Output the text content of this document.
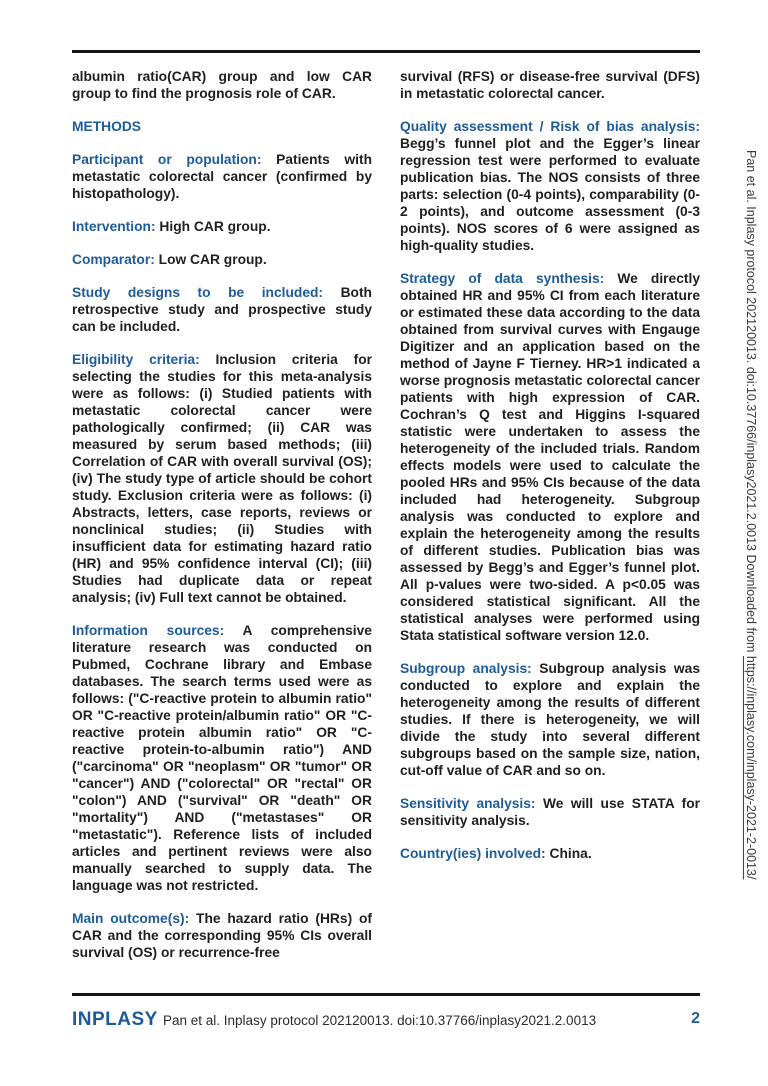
albumin ratio(CAR) group and low CAR group to find the prognosis role of CAR.

METHODS

Participant or population: Patients with metastatic colorectal cancer (confirmed by histopathology).

Intervention: High CAR group.

Comparator: Low CAR group.

Study designs to be included: Both retrospective study and prospective study can be included.

Eligibility criteria: Inclusion criteria for selecting the studies for this meta-analysis were as follows: (i) Studied patients with metastatic colorectal cancer were pathologically confirmed; (ii) CAR was measured by serum based methods; (iii) Correlation of CAR with overall survival (OS); (iv) The study type of article should be cohort study. Exclusion criteria were as follows: (i) Abstracts, letters, case reports, reviews or nonclinical studies; (ii) Studies with insufficient data for estimating hazard ratio (HR) and 95% confidence interval (CI); (iii) Studies had duplicate data or repeat analysis; (iv) Full text cannot be obtained.

Information sources: A comprehensive literature research was conducted on Pubmed, Cochrane library and Embase databases. The search terms used were as follows: ("C-reactive protein to albumin ratio" OR "C-reactive protein/albumin ratio" OR "C-reactive protein albumin ratio" OR "C-reactive protein-to-albumin ratio") AND ("carcinoma" OR "neoplasm" OR "tumor" OR "cancer") AND ("colorectal" OR "rectal" OR "colon") AND ("survival" OR "death" OR "mortality") AND ("metastases" OR "metastatic"). Reference lists of included articles and pertinent reviews were also manually searched to supply data. The language was not restricted.

Main outcome(s): The hazard ratio (HRs) of CAR and the corresponding 95% CIs overall survival (OS) or recurrence-free

survival (RFS) or disease-free survival (DFS) in metastatic colorectal cancer.

Quality assessment / Risk of bias analysis: Begg’s funnel plot and the Egger’s linear regression test were performed to evaluate publication bias. The NOS consists of three parts: selection (0-4 points), comparability (0-2 points), and outcome assessment (0-3 points). NOS scores of 6 were assigned as high-quality studies.

Strategy of data synthesis: We directly obtained HR and 95% CI from each literature or estimated these data according to the data obtained from survival curves with Engauge Digitizer and an application based on the method of Jayne F Tierney. HR>1 indicated a worse prognosis metastatic colorectal cancer patients with high expression of CAR. Cochran’s Q test and Higgins I-squared statistic were undertaken to assess the heterogeneity of the included trials. Random effects models were used to calculate the pooled HRs and 95% CIs because of the data included had heterogeneity. Subgroup analysis was conducted to explore and explain the heterogeneity among the results of different studies. Publication bias was assessed by Begg’s and Egger’s funnel plot. All p-values were two-sided. A p<0.05 was considered statistical significant. All the statistical analyses were performed using Stata statistical software version 12.0.

Subgroup analysis: Subgroup analysis was conducted to explore and explain the heterogeneity among the results of different studies. If there is heterogeneity, we will divide the study into several different subgroups based on the sample size, nation, cut-off value of CAR and so on.

Sensitivity analysis: We will use STATA for sensitivity analysis.

Country(ies) involved: China.

Pan et al. Inplasy protocol 202120013. doi:10.37766/inplasy2021.2.0013 Downloaded from https://inplasy.com/inplasy-2021-2-0013/
INPLASY Pan et al. Inplasy protocol 202120013. doi:10.37766/inplasy2021.2.0013	2
